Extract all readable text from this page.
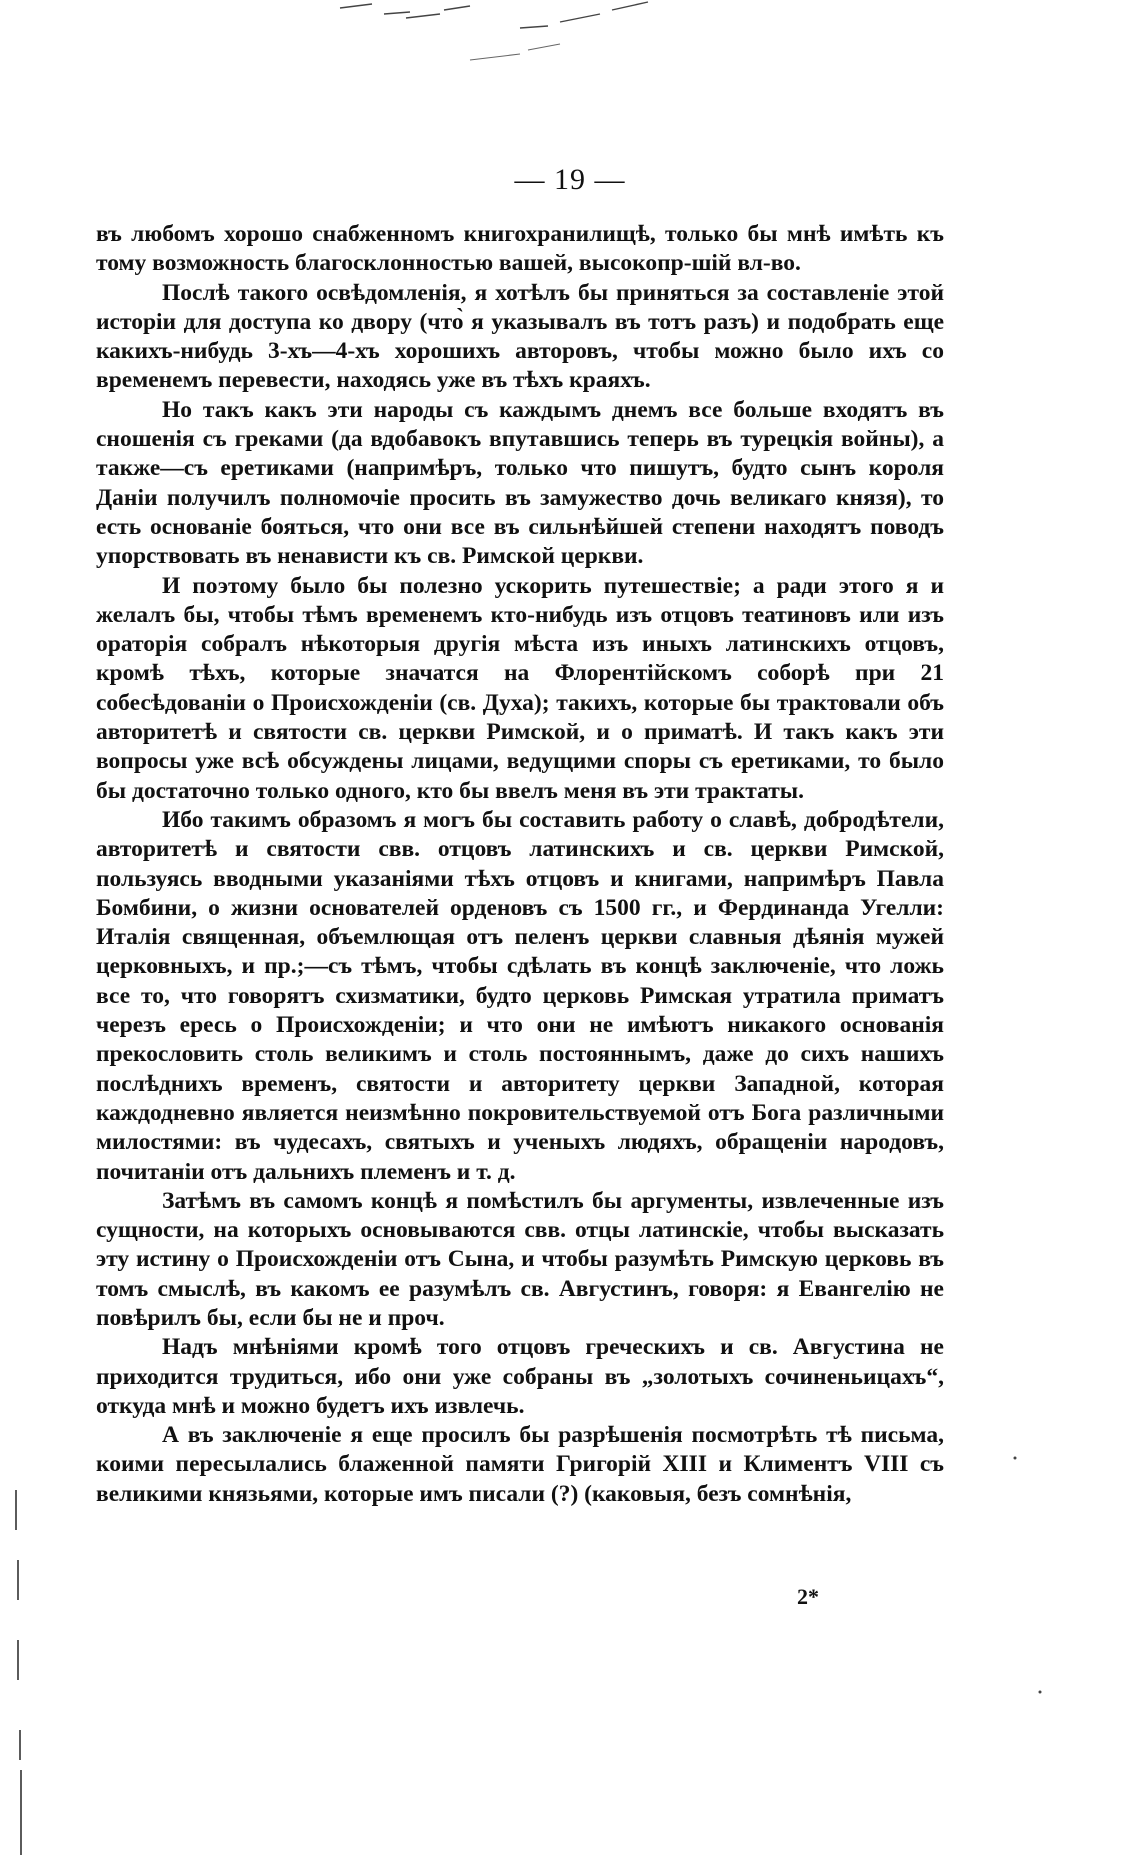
— 19 —

въ любомъ хорошо снабженномъ книгохранилищѣ, только бы мнѣ имѣть къ тому возможность благосклонностью вашей, высокопр-шій вл-во.

Послѣ такого освѣдомленія, я хотѣлъ бы приняться за составленіе этой исторіи для доступа ко двору (что̀ я указывалъ въ тотъ разъ) и подобрать еще какихъ-нибудь 3-хъ—4-хъ хорошихъ авторовъ, чтобы можно было ихъ со временемъ перевести, находясь уже въ тѣхъ краяхъ.

Но такъ какъ эти народы съ каждымъ днемъ все больше входятъ въ сношенія съ греками (да вдобавокъ впутавшись теперь въ турецкія войны), а также—съ еретиками (напримѣръ, только что пишутъ, будто сынъ короля Даніи получилъ полномочіе просить въ замужество дочь великаго князя), то есть основаніе бояться, что они все въ сильнѣйшей степени находятъ поводъ упорствовать въ ненависти къ св. Римской церкви.

И поэтому было бы полезно ускорить путешествіе; а ради этого я и желалъ бы, чтобы тѣмъ временемъ кто-нибудь изъ отцовъ театиновъ или изъ ораторія собралъ нѣкоторыя другія мѣста изъ иныхъ латинскихъ отцовъ, кромѣ тѣхъ, которые значатся на Флорентійскомъ соборѣ при 21 собесѣдованіи о Происхожденіи (св. Духа); такихъ, которые бы трактовали объ авторитетѣ и святости св. церкви Римской, и о приматѣ. И такъ какъ эти вопросы уже всѣ обсуждены лицами, ведущими споры съ еретиками, то было бы достаточно только одного, кто бы ввелъ меня въ эти трактаты.

Ибо такимъ образомъ я могъ бы составить работу о славѣ, добродѣтели, авторитетѣ и святости свв. отцовъ латинскихъ и св. церкви Римской, пользуясь вводными указаніями тѣхъ отцовъ и книгами, напримѣръ Павла Бомбини, о жизни основателей орденовъ съ 1500 гг., и Фердинанда Угелли: Италія священная, объемлющая отъ пеленъ церкви славныя дѣянія мужей церковныхъ, и пр.;—съ тѣмъ, чтобы сдѣлать въ концѣ заключеніе, что ложь все то, что говорятъ схизматики, будто церковь Римская утратила приматъ черезъ ересь о Происхожденіи; и что они не имѣютъ никакого основанія прекословить столь великимъ и столь постояннымъ, даже до сихъ нашихъ послѣднихъ временъ, святости и авторитету церкви Западной, которая каждодневно является неизмѣнно покровительствуемой отъ Бога различными милостями: въ чудесахъ, святыхъ и ученыхъ людяхъ, обращеніи народовъ, почитаніи отъ дальнихъ племенъ и т. д.

Затѣмъ въ самомъ концѣ я помѣстилъ бы аргументы, извлеченные изъ сущности, на которыхъ основываются свв. отцы латинскіе, чтобы высказать эту истину о Происхожденіи отъ Сына, и чтобы разумѣть Римскую церковь въ томъ смыслѣ, въ какомъ ее разумѣлъ св. Августинъ, говоря: я Евангелію не повѣрилъ бы, если бы не и проч.

Надъ мнѣніями кромѣ того отцовъ греческихъ и св. Августина не приходится трудиться, ибо они уже собраны въ „золотыхъ сочиненьицахъ“, откуда мнѣ и можно будетъ ихъ извлечь.

А въ заключеніе я еще просилъ бы разрѣшенія посмотрѣть тѣ письма, коими пересылались блаженной памяти Григорій XIII и Климентъ VIII съ великими князьями, которые имъ писали (?) (каковыя, безъ сомнѣнія,

2*
